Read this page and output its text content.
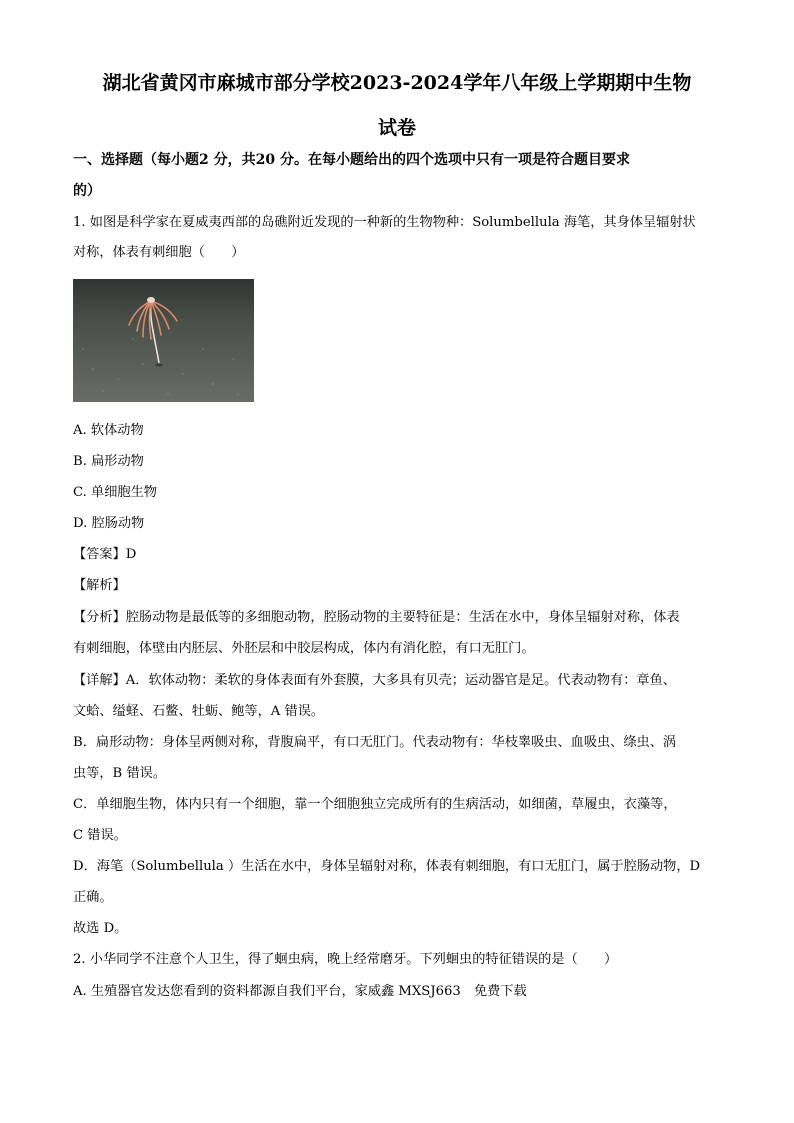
湖北省黄冈市麻城市部分学校2023-2024学年八年级上学期期中生物
试卷
一、选择题（每小题2 分，共20 分。在每小题给出的四个选项中只有一项是符合题目要求
的）
1. 如图是科学家在夏威夷西部的岛礁附近发现的一种新的生物物种：Solumbellula 海笔，其身体呈辐射状
对称，体表有刺细胞（　　）
A. 软体动物
B. 扁形动物
C. 单细胞生物
D. 腔肠动物
【答案】D
【解析】
【分析】腔肠动物是最低等的多细胞动物，腔肠动物的主要特征是：生活在水中，身体呈辐射对称，体表
有刺细胞，体壁由内胚层、外胚层和中胶层构成，体内有消化腔，有口无肛门。
【详解】A．软体动物：柔软的身体表面有外套膜，大多具有贝壳；运动器官是足。代表动物有：章鱼、
文蛤、缢蛏、石鳖、牡蛎、鲍等，A 错误。
B．扁形动物：身体呈两侧对称，背腹扁平，有口无肛门。代表动物有：华枝睾吸虫、血吸虫、绦虫、涡
虫等，B 错误。
C．单细胞生物，体内只有一个细胞，靠一个细胞独立完成所有的生病活动，如细菌，草履虫，衣藻等，
C 错误。
D．海笔（Solumbellula ）生活在水中，身体呈辐射对称，体表有刺细胞，有口无肛门，属于腔肠动物，D
正确。
故选 D。
2. 小华同学不注意个人卫生，得了蛔虫病，晚上经常磨牙。下列蛔虫的特征错误的是（　　）
A. 生殖器官发达您看到的资料都源自我们平台，家威鑫 MXSJ663　免费下载
